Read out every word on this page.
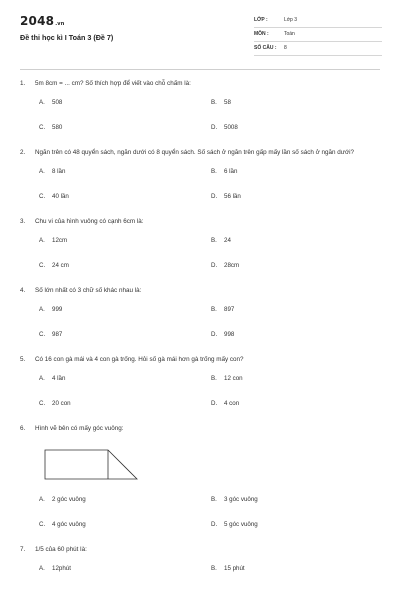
2048.vn
Đề thi học kì I Toán 3 (Đề 7)
LỚP :	Lớp 3
MÔN :	Toán
SỐ CÂU : 8
1. 5m 8cm = ... cm? Số thích hợp để viết vào chỗ chấm là:
A. 508	B. 58
C. 580	D. 5008
2. Ngăn trên có 48 quyển sách, ngăn dưới có 8 quyển sách. Số sách ở ngăn trên gấp mấy lần số sách ở ngăn dưới?
A. 8 lần	B. 6 lần
C. 40 lần	D. 56 lần
3. Chu vi của hình vuông có cạnh 6cm là:
A. 12cm	B. 24
C. 24 cm	D. 28cm
4. Số lớn nhất có 3 chữ số khác nhau là:
A. 999	B. 897
C. 987	D. 998
5. Có 16 con gà mái và 4 con gà trống. Hỏi số gà mái hơn gà trống mấy con?
A. 4 lần	B. 12 con
C. 20 con	D. 4 con
6. Hình vẽ bên có mấy góc vuông:
A. 2 góc vuông	B. 3 góc vuông
C. 4 góc vuông	D. 5 góc vuông
7. 1/5 của 60 phút là:
A. 12phút	B. 15 phút
